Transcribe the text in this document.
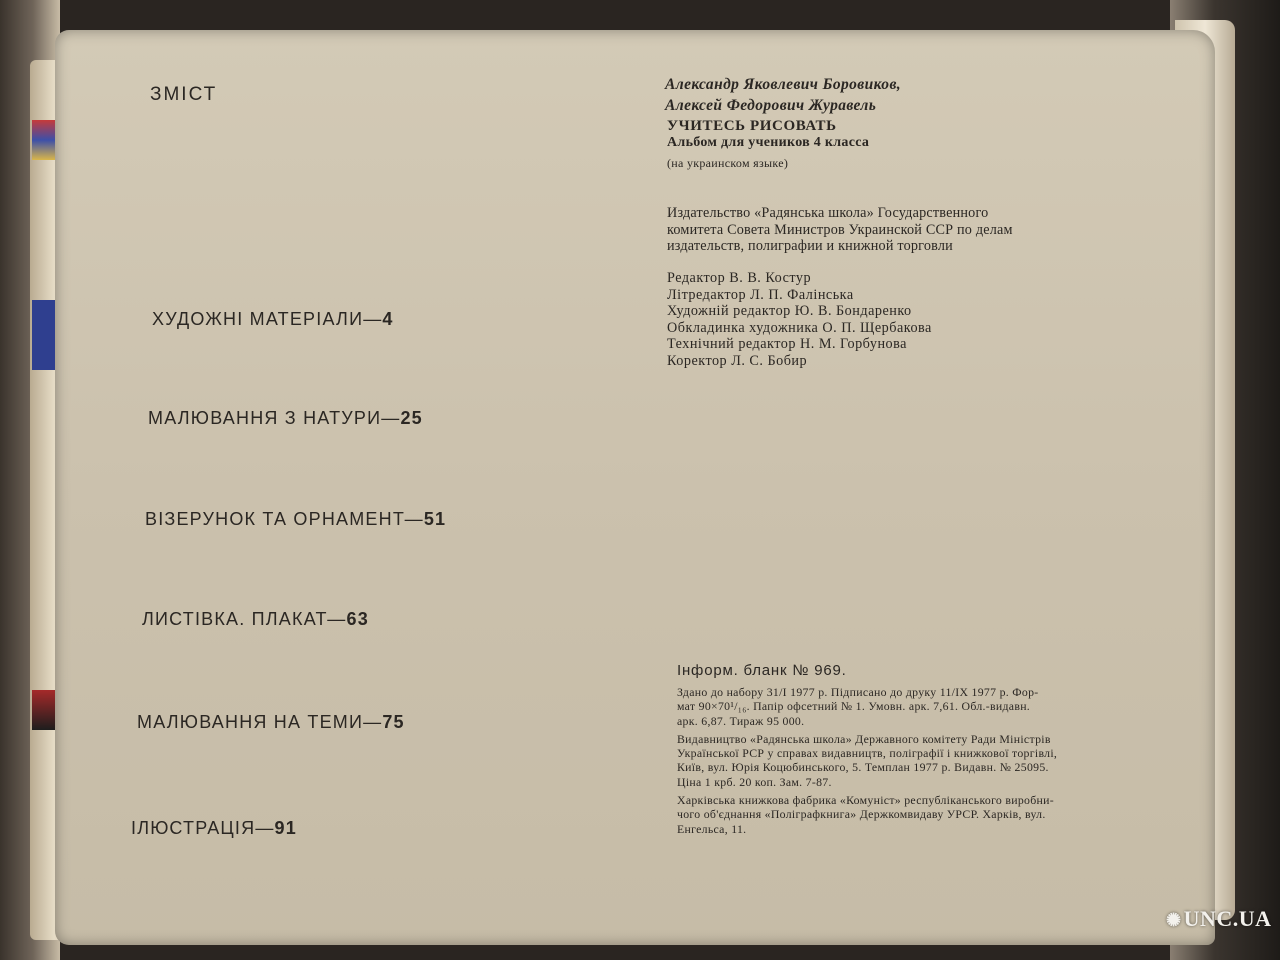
ЗМІСТ
ХУДОЖНІ МАТЕРІАЛИ—4
МАЛЮВАННЯ З НАТУРИ—25
ВІЗЕРУНОК ТА ОРНАМЕНТ—51
ЛИСТІВКА. ПЛАКАТ—63
МАЛЮВАННЯ НА ТЕМИ—75
ІЛЮСТРАЦІЯ—91
Александр Яковлевич Боровиков,
Алексей Федорович Журавель
УЧИТЕСЬ РИСОВАТЬ
Альбом для учеников 4 класса
(на украинском языке)
Издательство «Радянська школа» Государственного
комитета Совета Министров Украинской ССР по делам
издательств, полиграфии и книжной торговли
Редактор В. В. Костур
Літредактор Л. П. Фалінська
Художній редактор Ю. В. Бондаренко
Обкладинка художника О. П. Щербакова
Технічний редактор Н. М. Горбунова
Коректор Л. С. Бобир
Інформ. бланк № 969.

Здано до набору 31/I 1977 р. Підписано до друку 11/IX 1977 р. Фор-

мат 90×70¹/₁₆. Папір офсетний № 1. Умовн. арк. 7,61. Обл.-видавн.

арк. 6,87. Тираж 95 000.

Видавництво «Радянська школа» Державного комітету Ради Міністрів

Української РСР у справах видавництв, поліграфії і книжкової торгівлі,

Київ, вул. Юрія Коцюбинського, 5. Темплан 1977 р. Видавн. № 25095.

Ціна 1 крб. 20 коп. Зам. 7-87.

Харківська книжкова фабрика «Комуніст» республіканського виробни-

чого об'єднання «Поліграфкнига» Держкомвидаву УРСР. Харків, вул.

Енгельса, 11.

✺UNC.UA
